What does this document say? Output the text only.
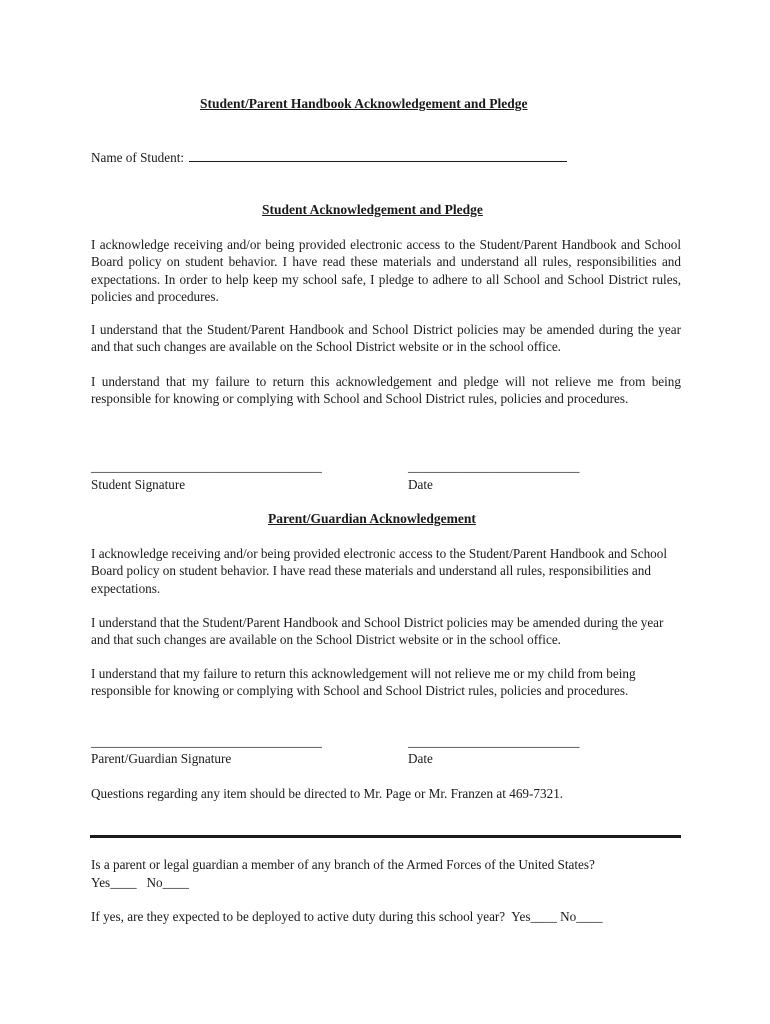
Student/Parent Handbook Acknowledgement and Pledge
Name of Student:
Student Acknowledgement and Pledge
I acknowledge receiving and/or being provided electronic access to the Student/Parent Handbook and School Board policy on student behavior. I have read these materials and understand all rules, responsibilities and expectations. In order to help keep my school safe, I pledge to adhere to all School and School District rules, policies and procedures.
I understand that the Student/Parent Handbook and School District policies may be amended during the year and that such changes are available on the School District website or in the school office.
I understand that my failure to return this acknowledgement and pledge will not relieve me from being responsible for knowing or complying with School and School District rules, policies and procedures.
___________________________________	__________________________
Student Signature	Date
Parent/Guardian Acknowledgement
I acknowledge receiving and/or being provided electronic access to the Student/Parent Handbook and School Board policy on student behavior. I have read these materials and understand all rules, responsibilities and expectations.
I understand that the Student/Parent Handbook and School District policies may be amended during the year and that such changes are available on the School District website or in the school office.
I understand that my failure to return this acknowledgement will not relieve me or my child from being responsible for knowing or complying with School and School District rules, policies and procedures.
___________________________________	__________________________
Parent/Guardian Signature	Date
Questions regarding any item should be directed to Mr. Page or Mr. Franzen at 469-7321.
Is a parent or legal guardian a member of any branch of the Armed Forces of the United States?
Yes____   No____
If yes, are they expected to be deployed to active duty during this school year?  Yes____ No____
